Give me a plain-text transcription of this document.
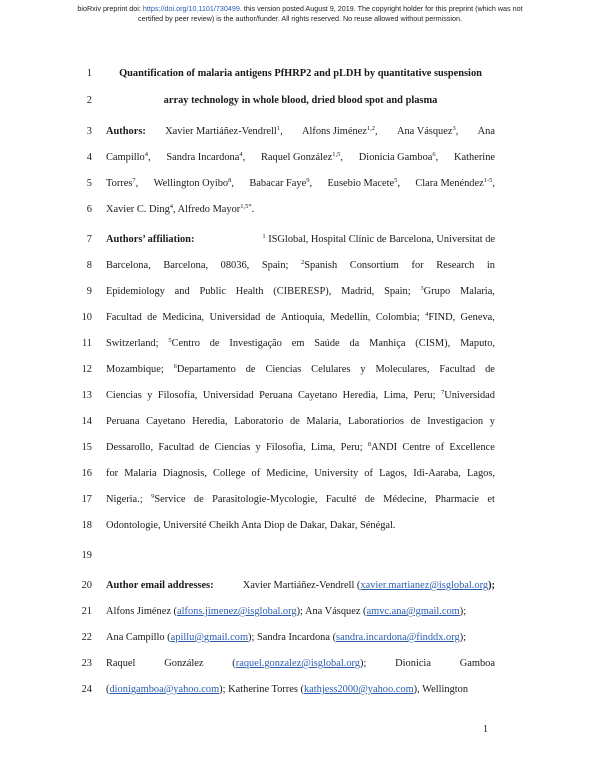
bioRxiv preprint doi: https://doi.org/10.1101/730499. this version posted August 9, 2019. The copyright holder for this preprint (which was not
certified by peer review) is the author/funder. All rights reserved. No reuse allowed without permission.
1
2
3
4
5
6
7
8
9
10
11
12
13
14
15
16
17
18
19
20
21
22
23
24
Quantification of malaria antigens PfHRP2 and pLDH by quantitative suspension
array technology in whole blood, dried blood spot and plasma
Authors: Xavier Martiáñez-Vendrell$^1$, Alfons Jiménez$^{1,2}$, Ana Vásquez$^3$, Ana
Campillo$^4$, Sandra Incardona$^4$, Raquel González$^{1,5}$, Dionicia Gamboa$^6$, Katherine
Torres$^7$, Wellington Oyibo$^8$, Babacar Faye$^9$, Eusebio Macete$^5$, Clara Menéndez$^{1-5}$,
Xavier C. Ding$^4$, Alfredo Mayor$^{1,5*}$.
Authors’ affiliation:	$^1$ ISGlobal, Hospital Clínic de Barcelona, Universitat de
Barcelona, Barcelona, 08036, Spain; $^2$Spanish Consortium for Research in
Epidemiology and Public Health (CIBERESP), Madrid, Spain; $^3$Grupo Malaria,
Facultad de Medicina, Universidad de Antioquia, Medellín, Colombia; $^4$FIND, Geneva,
Switzerland; $^5$Centro de Investigação em Saúde da Manhiça (CISM), Maputo,
Mozambique; $^6$Departamento de Ciencias Celulares y Moleculares, Facultad de
Ciencias y Filosofía, Universidad Peruana Cayetano Heredia, Lima, Peru; $^7$Universidad
Peruana Cayetano Heredia, Laboratorio de Malaria, Laboratiorios de Investigacion y
Dessarollo, Facultad de Ciencias y Filosofia, Lima, Peru; $^8$ANDI Centre of Excellence
for Malaria Diagnosis, College of Medicine, University of Lagos, Idi-Aaraba, Lagos,
Nigeria.; $^9$Service de Parasitologie-Mycologie, Faculté de Médecine, Pharmacie et
Odontologie, Université Cheikh Anta Diop de Dakar, Dakar, Sénégal.
Author email addresses:	Xavier Martiáñez-Vendrell (xavier.martianez@isglobal.org);
Alfons Jiménez (alfons.jimenez@isglobal.org); Ana Vásquez (amvc.ana@gmail.com);
Ana Campillo (apillu@gmail.com); Sandra Incardona (sandra.incardona@finddx.org);
Raquel	González	(raquel.gonzalez@isglobal.org);	Dionicia	Gamboa
(dionigamboa@yahoo.com); Katherine Torres (kathjess2000@yahoo.com), Wellington
1
